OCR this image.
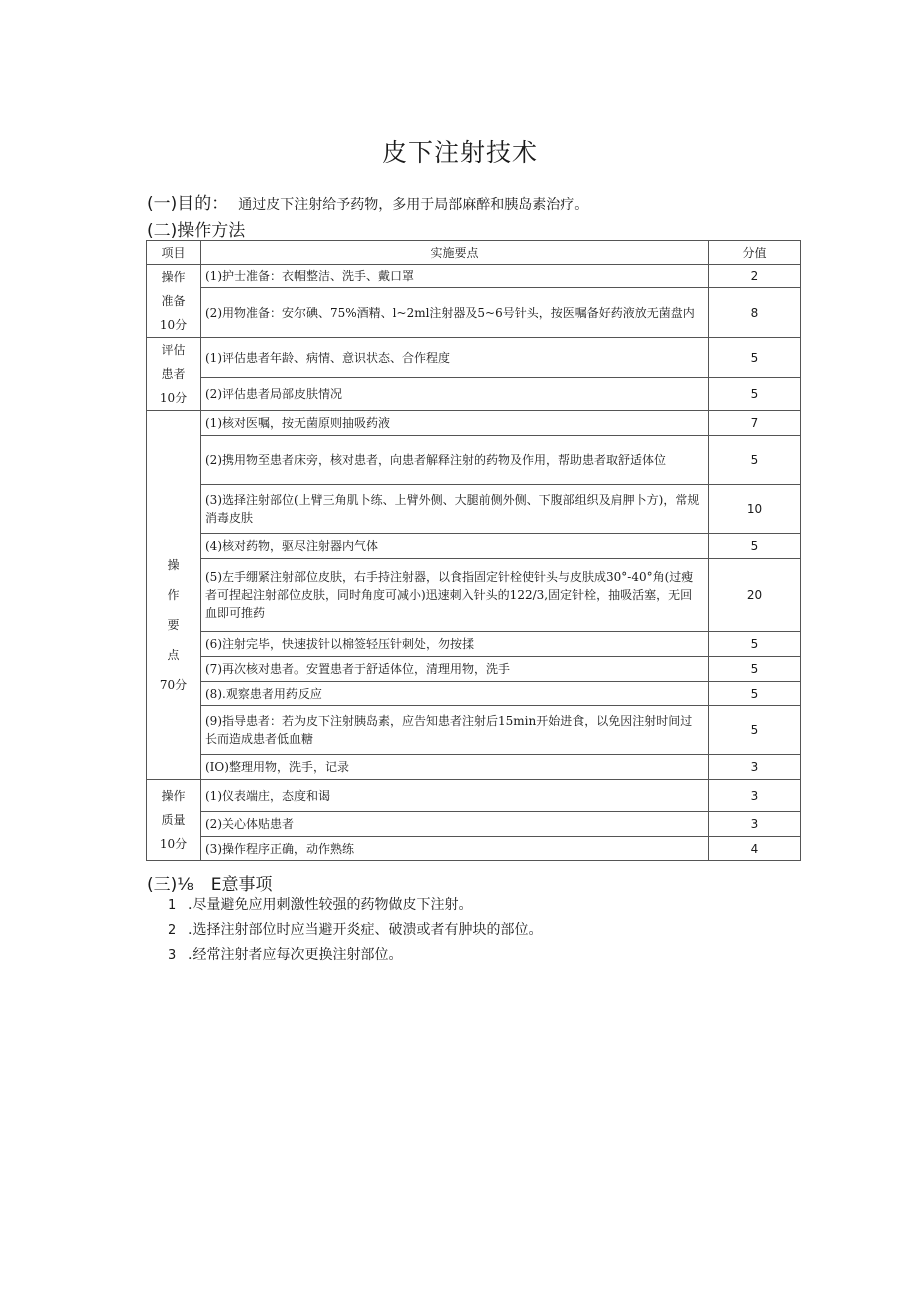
皮下注射技术
(一)目的： 通过皮下注射给予药物，多用于局部麻醉和胰岛素治疗。
(二)操作方法
项目	实施要点	分值

操作
准备
10分	(1)护士准备：衣帽整洁、洗手、戴口罩	2
	(2)用物准备：安尔碘、75%酒精、l~2ml注射器及5~6号针头，按医嘱备好药液放无菌盘内	8

评估
患者
10分	(1)评估患者年龄、病情、意识状态、合作程度	5
	(2)评估患者局部皮肤情况	5

操
作
要
点
70分	(1)核对医嘱，按无菌原则抽吸药液	7
	(2)携用物至患者床旁，核对患者，向患者解释注射的药物及作用，帮助患者取舒适体位	5
	(3)选择注射部位(上臂三角肌卜练、上臂外侧、大腿前侧外侧、下腹部组织及肩胛卜方)，常规消毒皮肤	10
	(4)核对药物，驱尽注射器内气体	5
	(5)左手绷紧注射部位皮肤，右手持注射器，以食指固定针栓使针头与皮肤成30°-40°角(过瘦者可捏起注射部位皮肤，同时角度可减小)迅速刺入针头的122/3,固定针栓，抽吸活塞，无回血即可推药	20
	(6)注射完毕，快速拔针以棉签轻压针刺处，勿按揉	5
	(7)再次核对患者。安置患者于舒适体位，清理用物，洗手	5
	(8).观察患者用药反应	5
	(9)指导患者：若为皮下注射胰岛素，应告知患者注射后15min开始进食，以免因注射时间过长而造成患者低血糖	5
	(IO)整理用物，洗手，记录	3

操作
质量
10分	(1)仪表端庄，态度和谒	3
	(2)关心体贴患者	3
	(3)操作程序正确，动作熟练	4
(三)⅛　E意事项
1 .尽量避免应用刺激性较强的药物做皮下注射。
2 .选择注射部位时应当避开炎症、破溃或者有肿块的部位。
3 .经常注射者应每次更换注射部位。
